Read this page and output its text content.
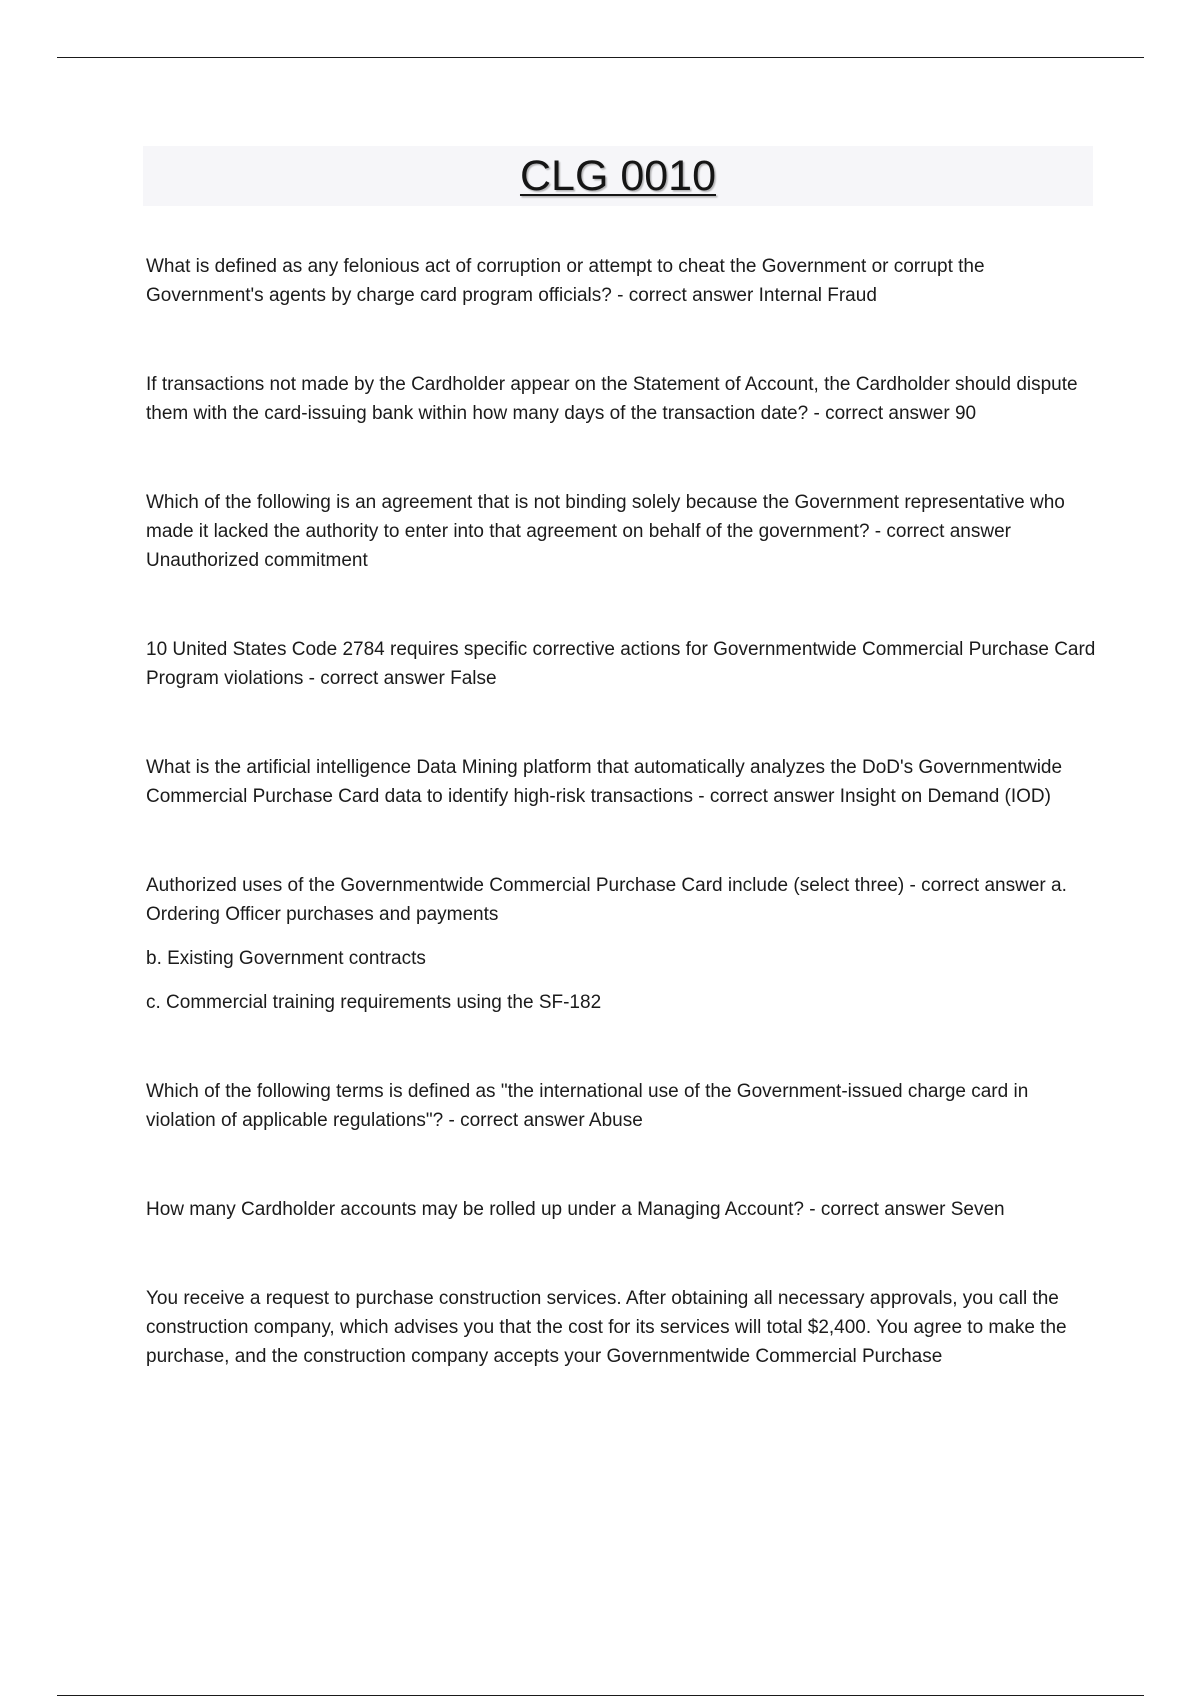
CLG 0010

What is defined as any felonious act of corruption or attempt to cheat the Government or corrupt the Government's agents by charge card program officials? - correct answer Internal Fraud

If transactions not made by the Cardholder appear on the Statement of Account, the Cardholder should dispute them with the card-issuing bank within how many days of the transaction date? - correct answer 90

Which of the following is an agreement that is not binding solely because the Government representative who made it lacked the authority to enter into that agreement on behalf of the government? - correct answer Unauthorized commitment

10 United States Code 2784 requires specific corrective actions for Governmentwide Commercial Purchase Card Program violations - correct answer False

What is the artificial intelligence Data Mining platform that automatically analyzes the DoD's Governmentwide Commercial Purchase Card data to identify high-risk transactions - correct answer Insight on Demand (IOD)

Authorized uses of the Governmentwide Commercial Purchase Card include (select three) - correct answer a. Ordering Officer purchases and payments

b. Existing Government contracts

c. Commercial training requirements using the SF-182

Which of the following terms is defined as "the international use of the Government-issued charge card in violation of applicable regulations"? - correct answer Abuse

How many Cardholder accounts may be rolled up under a Managing Account? - correct answer Seven

You receive a request to purchase construction services. After obtaining all necessary approvals, you call the construction company, which advises you that the cost for its services will total $2,400. You agree to make the purchase, and the construction company accepts your Governmentwide Commercial Purchase
